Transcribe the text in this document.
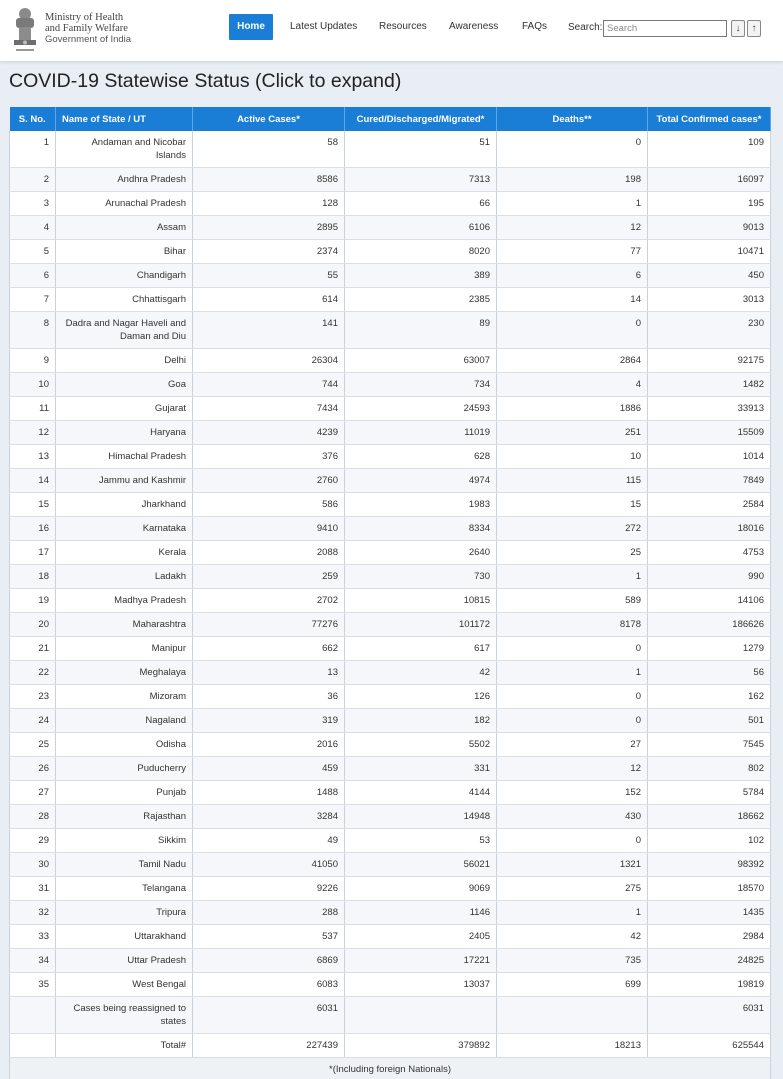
Ministry of Health
and Family Welfare
Government of India
Home	Latest Updates Resources Awareness FAQs Search:
Search	↓	↑
COVID-19 Statewise Status (Click to expand)
S. No.	Name of State / UT	Active Cases*	Cured/Discharged/Migrated*	Deaths**	Total Confirmed cases*
1	Andaman and Nicobar Islands	58	51	0	109
2	Andhra Pradesh	8586	7313	198	16097
3	Arunachal Pradesh	128	66	1	195
4	Assam	2895	6106	12	9013
5	Bihar	2374	8020	77	10471
6	Chandigarh	55	389	6	450
7	Chhattisgarh	614	2385	14	3013
8	Dadra and Nagar Haveli and Daman and Diu	141	89	0	230
9	Delhi	26304	63007	2864	92175
10	Goa	744	734	4	1482
11	Gujarat	7434	24593	1886	33913
12	Haryana	4239	11019	251	15509
13	Himachal Pradesh	376	628	10	1014
14	Jammu and Kashmir	2760	4974	115	7849
15	Jharkhand	586	1983	15	2584
16	Karnataka	9410	8334	272	18016
17	Kerala	2088	2640	25	4753
18	Ladakh	259	730	1	990
19	Madhya Pradesh	2702	10815	589	14106
20	Maharashtra	77276	101172	8178	186626
21	Manipur	662	617	0	1279
22	Meghalaya	13	42	1	56
23	Mizoram	36	126	0	162
24	Nagaland	319	182	0	501
25	Odisha	2016	5502	27	7545
26	Puducherry	459	331	12	802
27	Punjab	1488	4144	152	5784
28	Rajasthan	3284	14948	430	18662
29	Sikkim	49	53	0	102
30	Tamil Nadu	41050	56021	1321	98392
31	Telangana	9226	9069	275	18570
32	Tripura	288	1146	1	1435
33	Uttarakhand	537	2405	42	2984
34	Uttar Pradesh	6869	17221	735	24825
35	West Bengal	6083	13037	699	19819
	Cases being reassigned to states	6031			6031
	Total#	227439	379892	18213	625544
*(Including foreign Nationals)					
